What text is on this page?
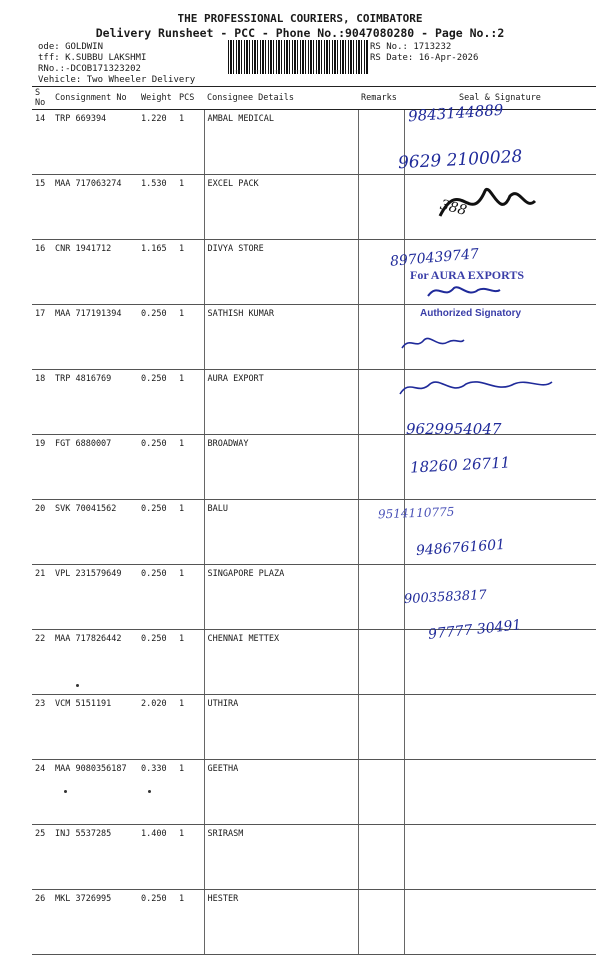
THE PROFESSIONAL COURIERS, COIMBATORE
Delivery Runsheet - PCC - Phone No.:9047080280 - Page No.:2
ode: GOLDWIN
tff: K.SUBBU LAKSHMI
RNo.:-DCOB171323202
Vehicle: Two Wheeler Delivery
RS No.: 1713232
RS Date: 16-Apr-2026
S No	Consignment No	Weight	PCS	Consignee Details	Remarks	Seal & Signature
14	TRP 669394	1.220	1	AMBAL MEDICAL		
15	MAA 717063274	1.530	1	EXCEL PACK		
16	CNR 1941712	1.165	1	DIVYA STORE		
17	MAA 717191394	0.250	1	SATHISH KUMAR		
18	TRP 4816769	0.250	1	AURA EXPORT		
19	FGT 6880007	0.250	1	BROADWAY		
20	SVK 70041562	0.250	1	BALU		
21	VPL 231579649	0.250	1	SINGAPORE PLAZA		
22	MAA 717826442	0.250	1	CHENNAI METTEX		
23	VCM 5151191	2.020	1	UTHIRA		
24	MAA 9080356187	0.330	1	GEETHA		
25	INJ 5537285	1.400	1	SRIRASM		
26	MKL 3726995	0.250	1	HESTER		
9843144889
9629 2100028
388
8970439747
For AURA EXPORTS
Authorized Signatory
9629954047
18260 26711
9514110775
9486761601
9003583817
97777 30491
